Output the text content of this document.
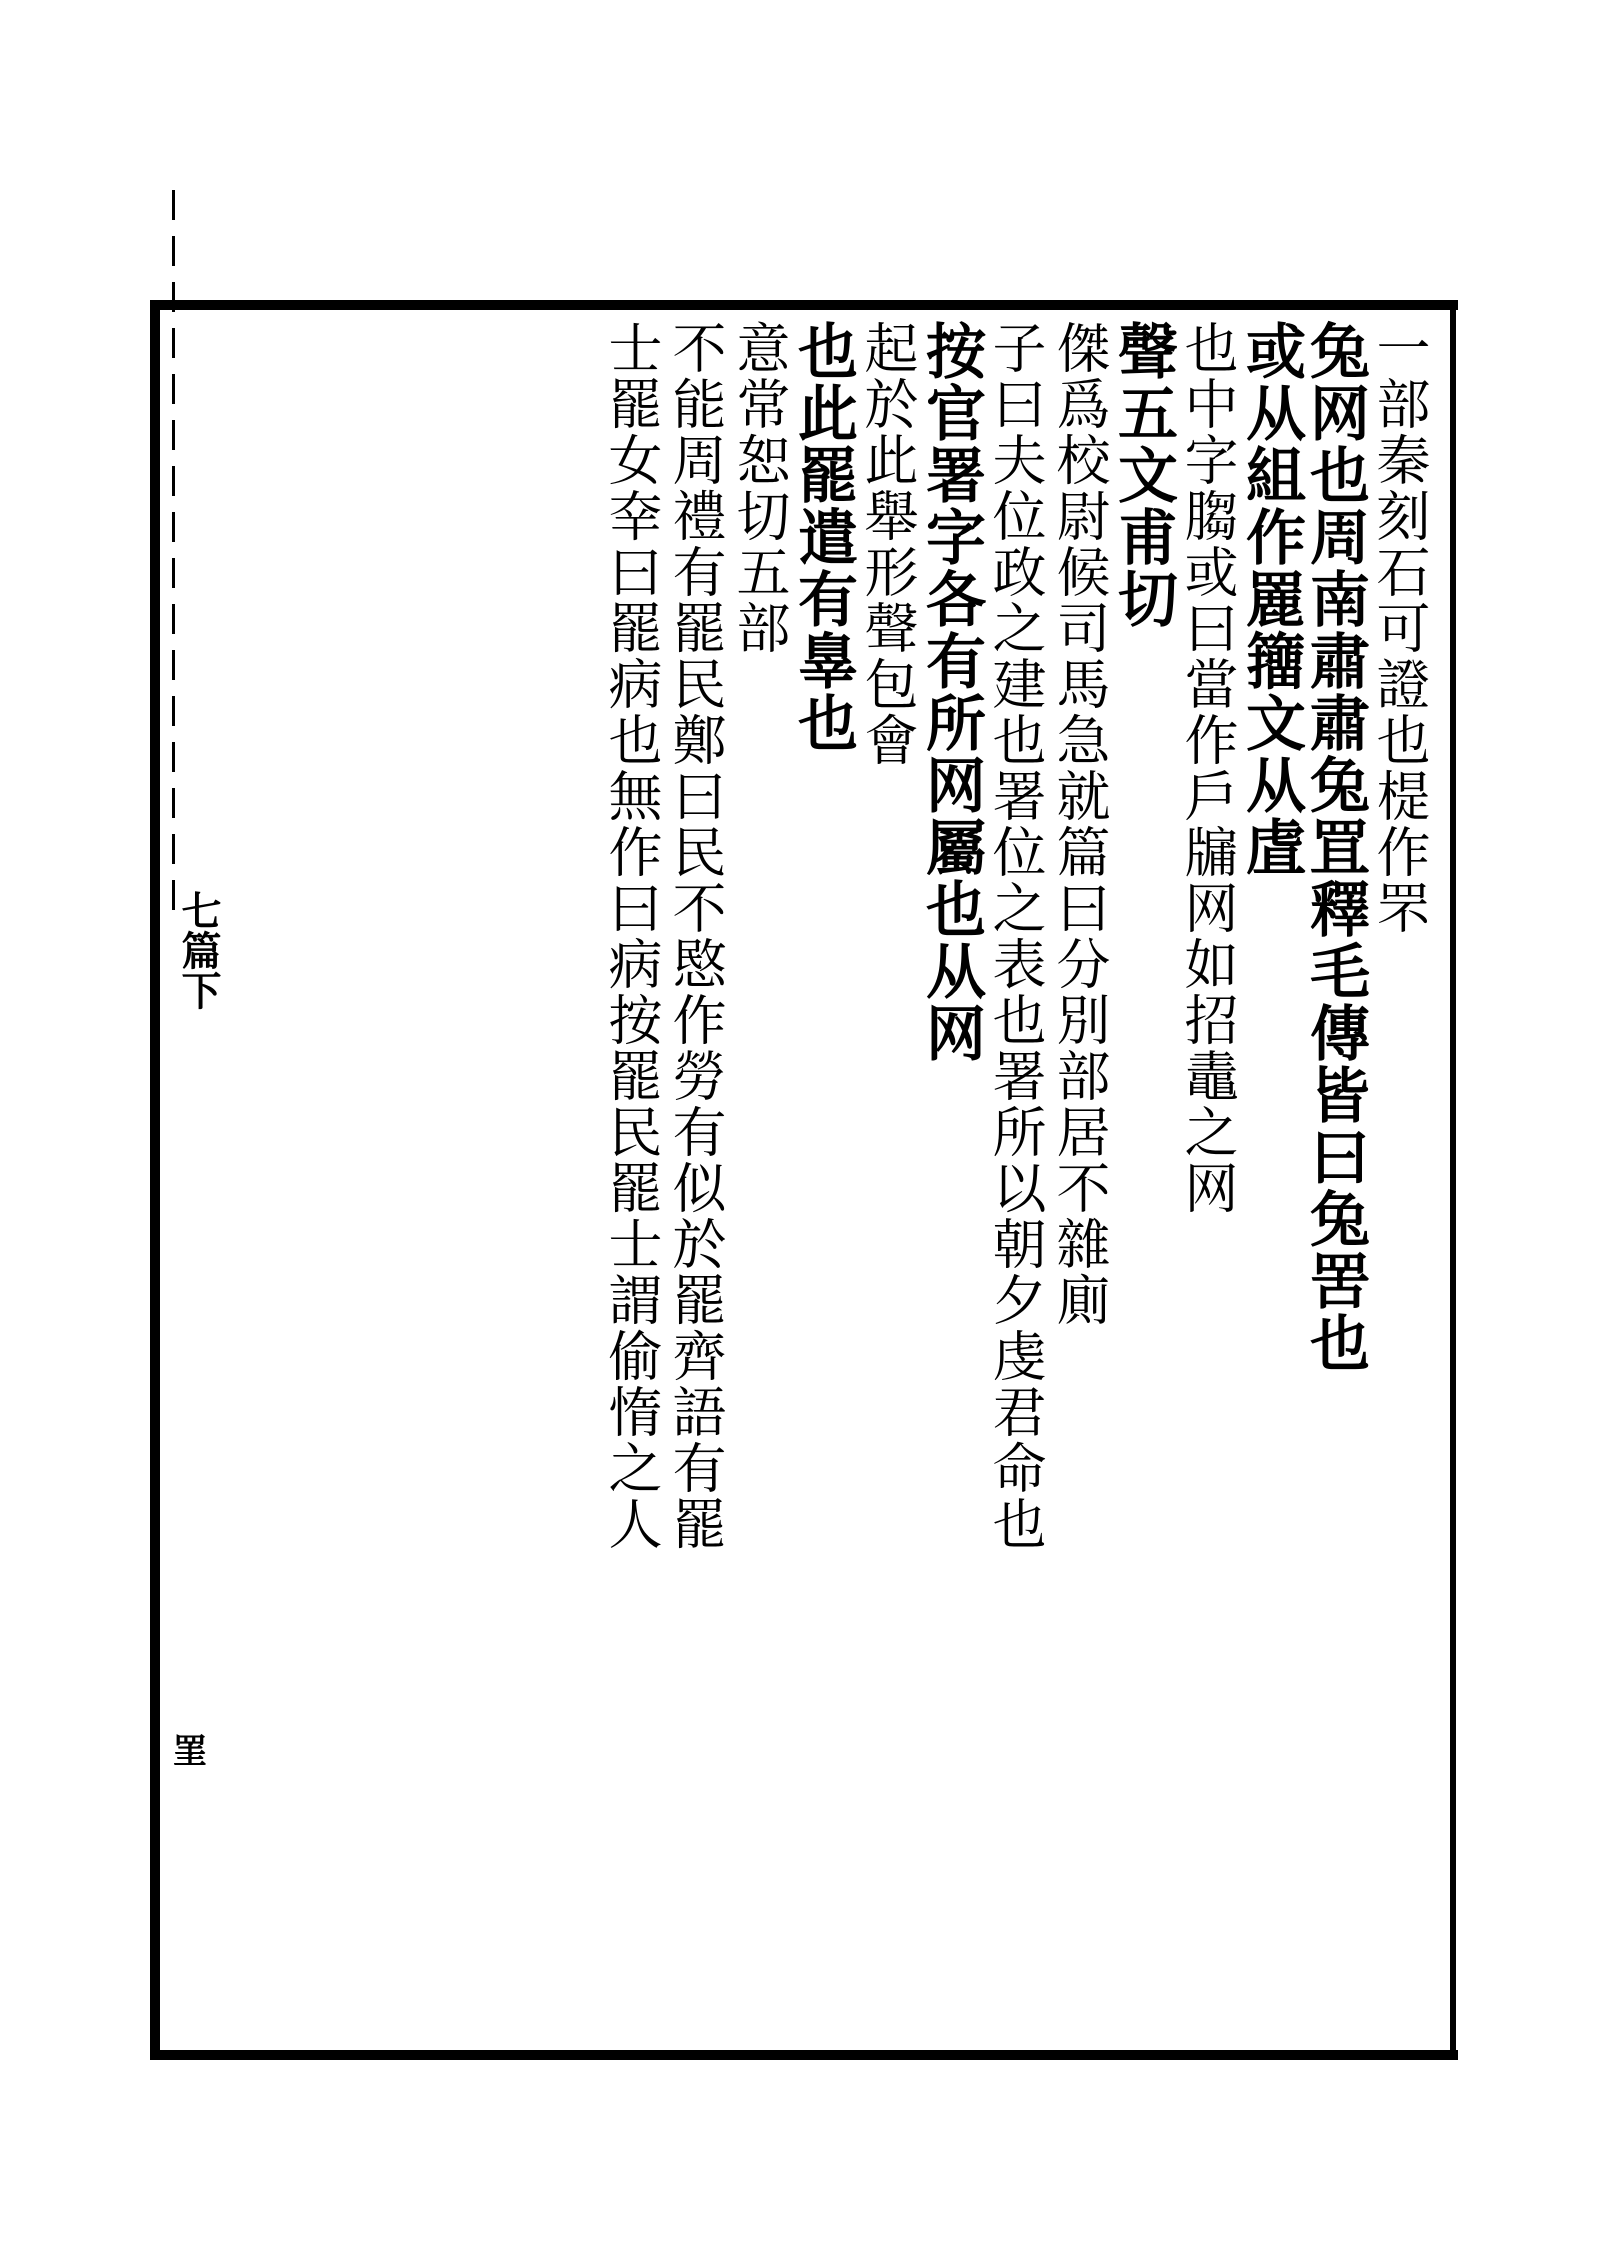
七篇下
罣
一部秦刻石可證也㮛作罘
兔网也周南肅肅兔罝釋毛傳皆曰兔罟也
或从組作䍡籒文从虘
也中字䐢或曰當作戶牖网如招鼃之网
聲五文甫切
傑爲校尉候司馬急就篇曰分別部居不雜廁
子曰夫位政之建也署位之表也署所以朝夕虔君命也
按官署字各有所网屬也从网
起於此舉形聲包會
也此罷遣有辠也
意常恕切五部
不能周禮有罷民鄭曰民不愍作勞有似於罷齊語有罷
士罷女㚔曰罷病也無作曰病按罷民罷士謂偷惰之人
